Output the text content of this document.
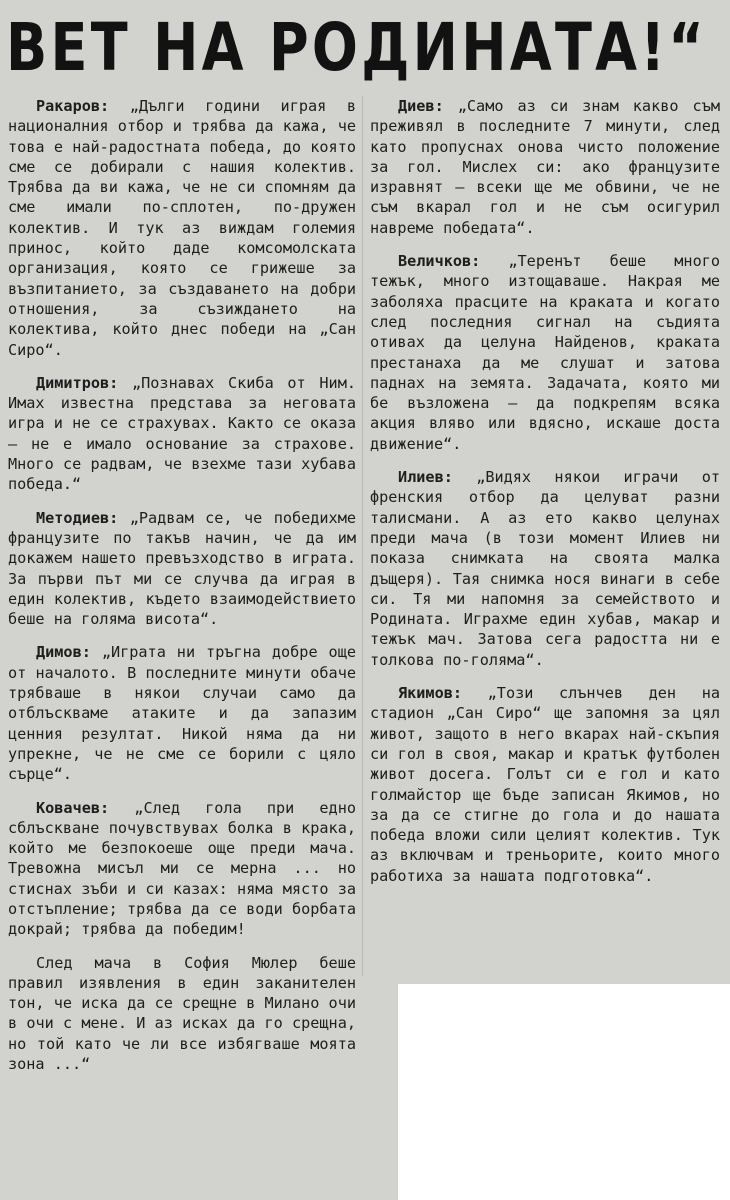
ВЕТ НА РОДИНАТА!“

Ракаров: „Дълги години играя в националния отбор и трябва да кажа, че това е най-радостната победа, до която сме се добирали с нашия колектив. Трябва да ви кажа, че не си спомням да сме имали по-сплотен, по-дружен колектив. И тук аз виждам големия принос, който даде комсомолската организация, която се грижеше за възпитанието, за създаването на добри отношения, за съзиждането на колектива, който днес победи на „Сан Сиро“.

Димитров: „Познавах Скиба от Ним. Имах известна представа за неговата игра и не се страхувах. Както се оказа — не е имало основание за страхове. Много се радвам, че взехме тази хубава победа.“

Методиев: „Радвам се, че победихме французите по такъв начин, че да им докажем нашето превъзходство в играта. За първи път ми се случва да играя в един колектив, където взаимодействието беше на голяма висота“.

Димов: „Играта ни тръгна добре още от началото. В последните минути обаче трябваше в някои случаи само да отблъскваме атаките и да запазим ценния резултат. Никой няма да ни упрекне, че не сме се борили с цяло сърце“.

Ковачев: „След гола при едно сблъскване почувствувах болка в крака, който ме безпокоеше още преди мача. Тревожна мисъл ми се мерна ... но стиснах зъби и си казах: няма място за отстъпление; трябва да се води борбата докрай; трябва да победим!

След мача в София Мюлер беше правил изявления в един заканителен тон, че иска да се срещне в Милано очи в очи с мене. И аз исках да го срещна, но той като че ли все избягваше моята зона ...“

Диев: „Само аз си знам какво съм преживял в последните 7 минути, след като пропуснах онова чисто положение за гол. Мислех си: ако французите изравнят — всеки ще ме обвини, че не съм вкарал гол и не съм осигурил навреме победата“.

Величков: „Теренът беше много тежък, много изтощаваше. Накрая ме заболяха прасците на краката и когато след последния сигнал на съдията отивах да целуна Найденов, краката престанаха да ме слушат и затова паднах на земята. Задачата, която ми бе възложена — да подкрепям всяка акция вляво или вдясно, искаше доста движение“.

Илиев: „Видях някои играчи от френския отбор да целуват разни талисмани. А аз ето какво целунах преди мача (в този момент Илиев ни показа снимката на своята малка дъщеря). Тая снимка нося винаги в себе си. Тя ми напомня за семейството и Родината. Играхме един хубав, макар и тежък мач. Затова сега радостта ни е толкова по-голяма“.

Якимов: „Този слънчев ден на стадион „Сан Сиро“ ще запомня за цял живот, защото в него вкарах най-скъпия си гол в своя, макар и кратък футболен живот досега. Голът си е гол и като голмайстор ще бъде записан Якимов, но за да се стигне до гола и до нашата победа вложи сили целият колектив. Тук аз включвам и треньорите, които много работиха за нашата подготовка“.
